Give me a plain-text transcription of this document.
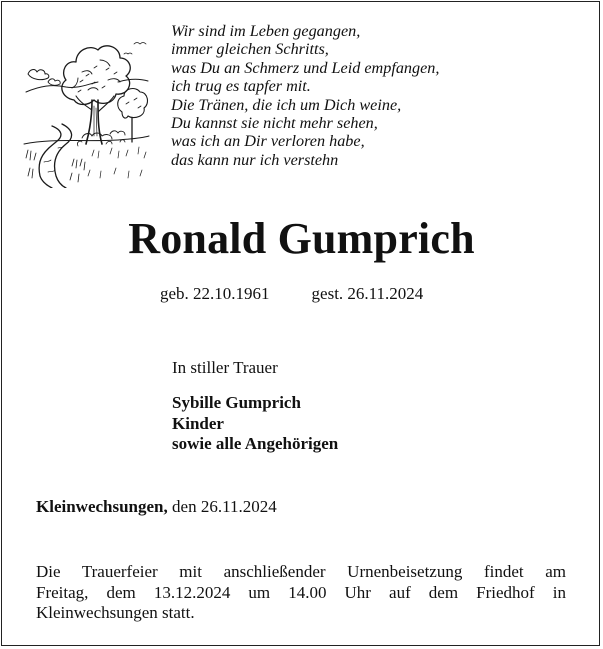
Wir sind im Leben gegangen,
immer gleichen Schritts,
was Du an Schmerz und Leid empfangen,
ich trug es tapfer mit.
Die Tränen, die ich um Dich weine,
Du kannst sie nicht mehr sehen,
was ich an Dir verloren habe,
das kann nur ich verstehn
Ronald Gumprich
geb. 22.10.1961 gest. 26.11.2024
In stiller Trauer
Sybille Gumprich
Kinder
sowie alle Angehörigen
Kleinwechsungen, den 26.11.2024
Die Trauerfeier mit anschließender Urnenbeisetzung findet am
Freitag, dem 13.12.2024 um 14.00 Uhr auf dem Friedhof in
Kleinwechsungen statt.
